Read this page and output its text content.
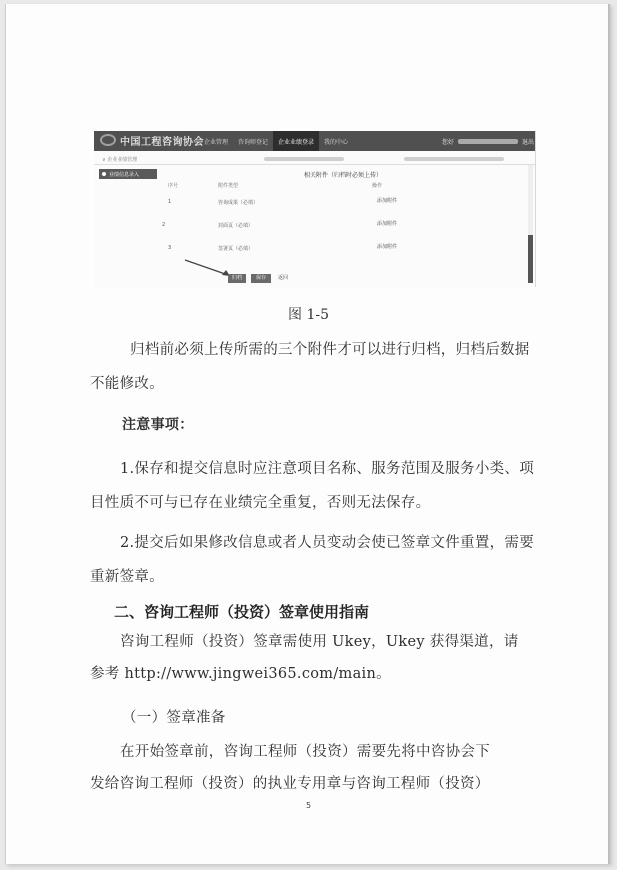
中国工程咨询协会 企业管理	咨询师登记	企业业绩登录	我的中心	您好	退出
∨ 企业业绩管理
业绩信息录入	相关附件（归档时必须上传）
序号	附件类型	操作
1	咨询成果（必填）	添加附件
2	封面页（必填）	添加附件
3	签署页（必填）	添加附件
归档	保存	返回
图 1-5
归档前必须上传所需的三个附件才可以进行归档，归档后数据
不能修改。
注意事项：
1.保存和提交信息时应注意项目名称、服务范围及服务小类、项
目性质不可与已存在业绩完全重复，否则无法保存。
2.提交后如果修改信息或者人员变动会使已签章文件重置，需要
重新签章。
二、咨询工程师（投资）签章使用指南
咨询工程师（投资）签章需使用 Ukey，Ukey 获得渠道，请
参考 http://www.jingwei365.com/main。
（一）签章准备
在开始签章前，咨询工程师（投资）需要先将中咨协会下
发给咨询工程师（投资）的执业专用章与咨询工程师（投资）
5
